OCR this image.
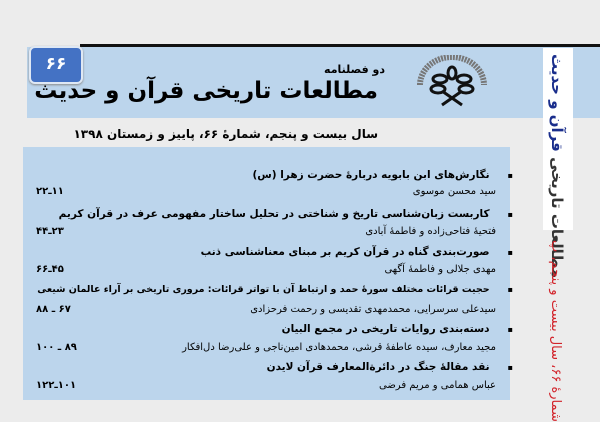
۶۶	دو فصلنامه
مطالعات تاریخی قرآن و حدیث
سال بیست و پنجم، شمارۀ ۶۶، پاییز و زمستان ۱۳۹۸
▪ نگارش‌های ابن بابویه دربارۀ حضرت زهرا (س)
سید محسن موسوی
۱۱ـ۲۲
▪ کاربست زبان‌شناسی تاریخ و شناختی در تحلیل ساختار مفهومی عرف در قرآن کریم
فتحیۀ فتاحی‌زاده و فاطمۀ آبادی
۲۳ـ۴۴
▪ صورت‌بندی گناه در قرآن کریم بر مبنای معناشناسی ذنب
مهدی جلالی و فاطمۀ آگهی
۴۵ـ۶۶
▪ حجیت قرائات مختلف سورۀ حمد و ارتباط آن با تواتر قرائات: مروری تاریخی بر آراء عالمان شیعی
سیدعلی سرسرایی، محمدمهدی تقدیسی و رحمت فرحزادی
۶۷ ـ ۸۸
▪ دسته‌بندی روایات تاریخی در مجمع البیان
مجید معارف، سیده عاطفۀ قرشی، محمدهادی امین‌ناجی و علی‌رضا دل‌افکار
۸۹ ـ ۱۰۰
▪ نقد مقالۀ جنگ در دائرةالمعارف قرآن لایدن
عباس همامی و مریم فرضی
۱۰۱ـ۱۲۲
مطالعات تاریخی قرآن و حدیث
شمارۀ ۶۶، سال بیست و پنجم، پ
